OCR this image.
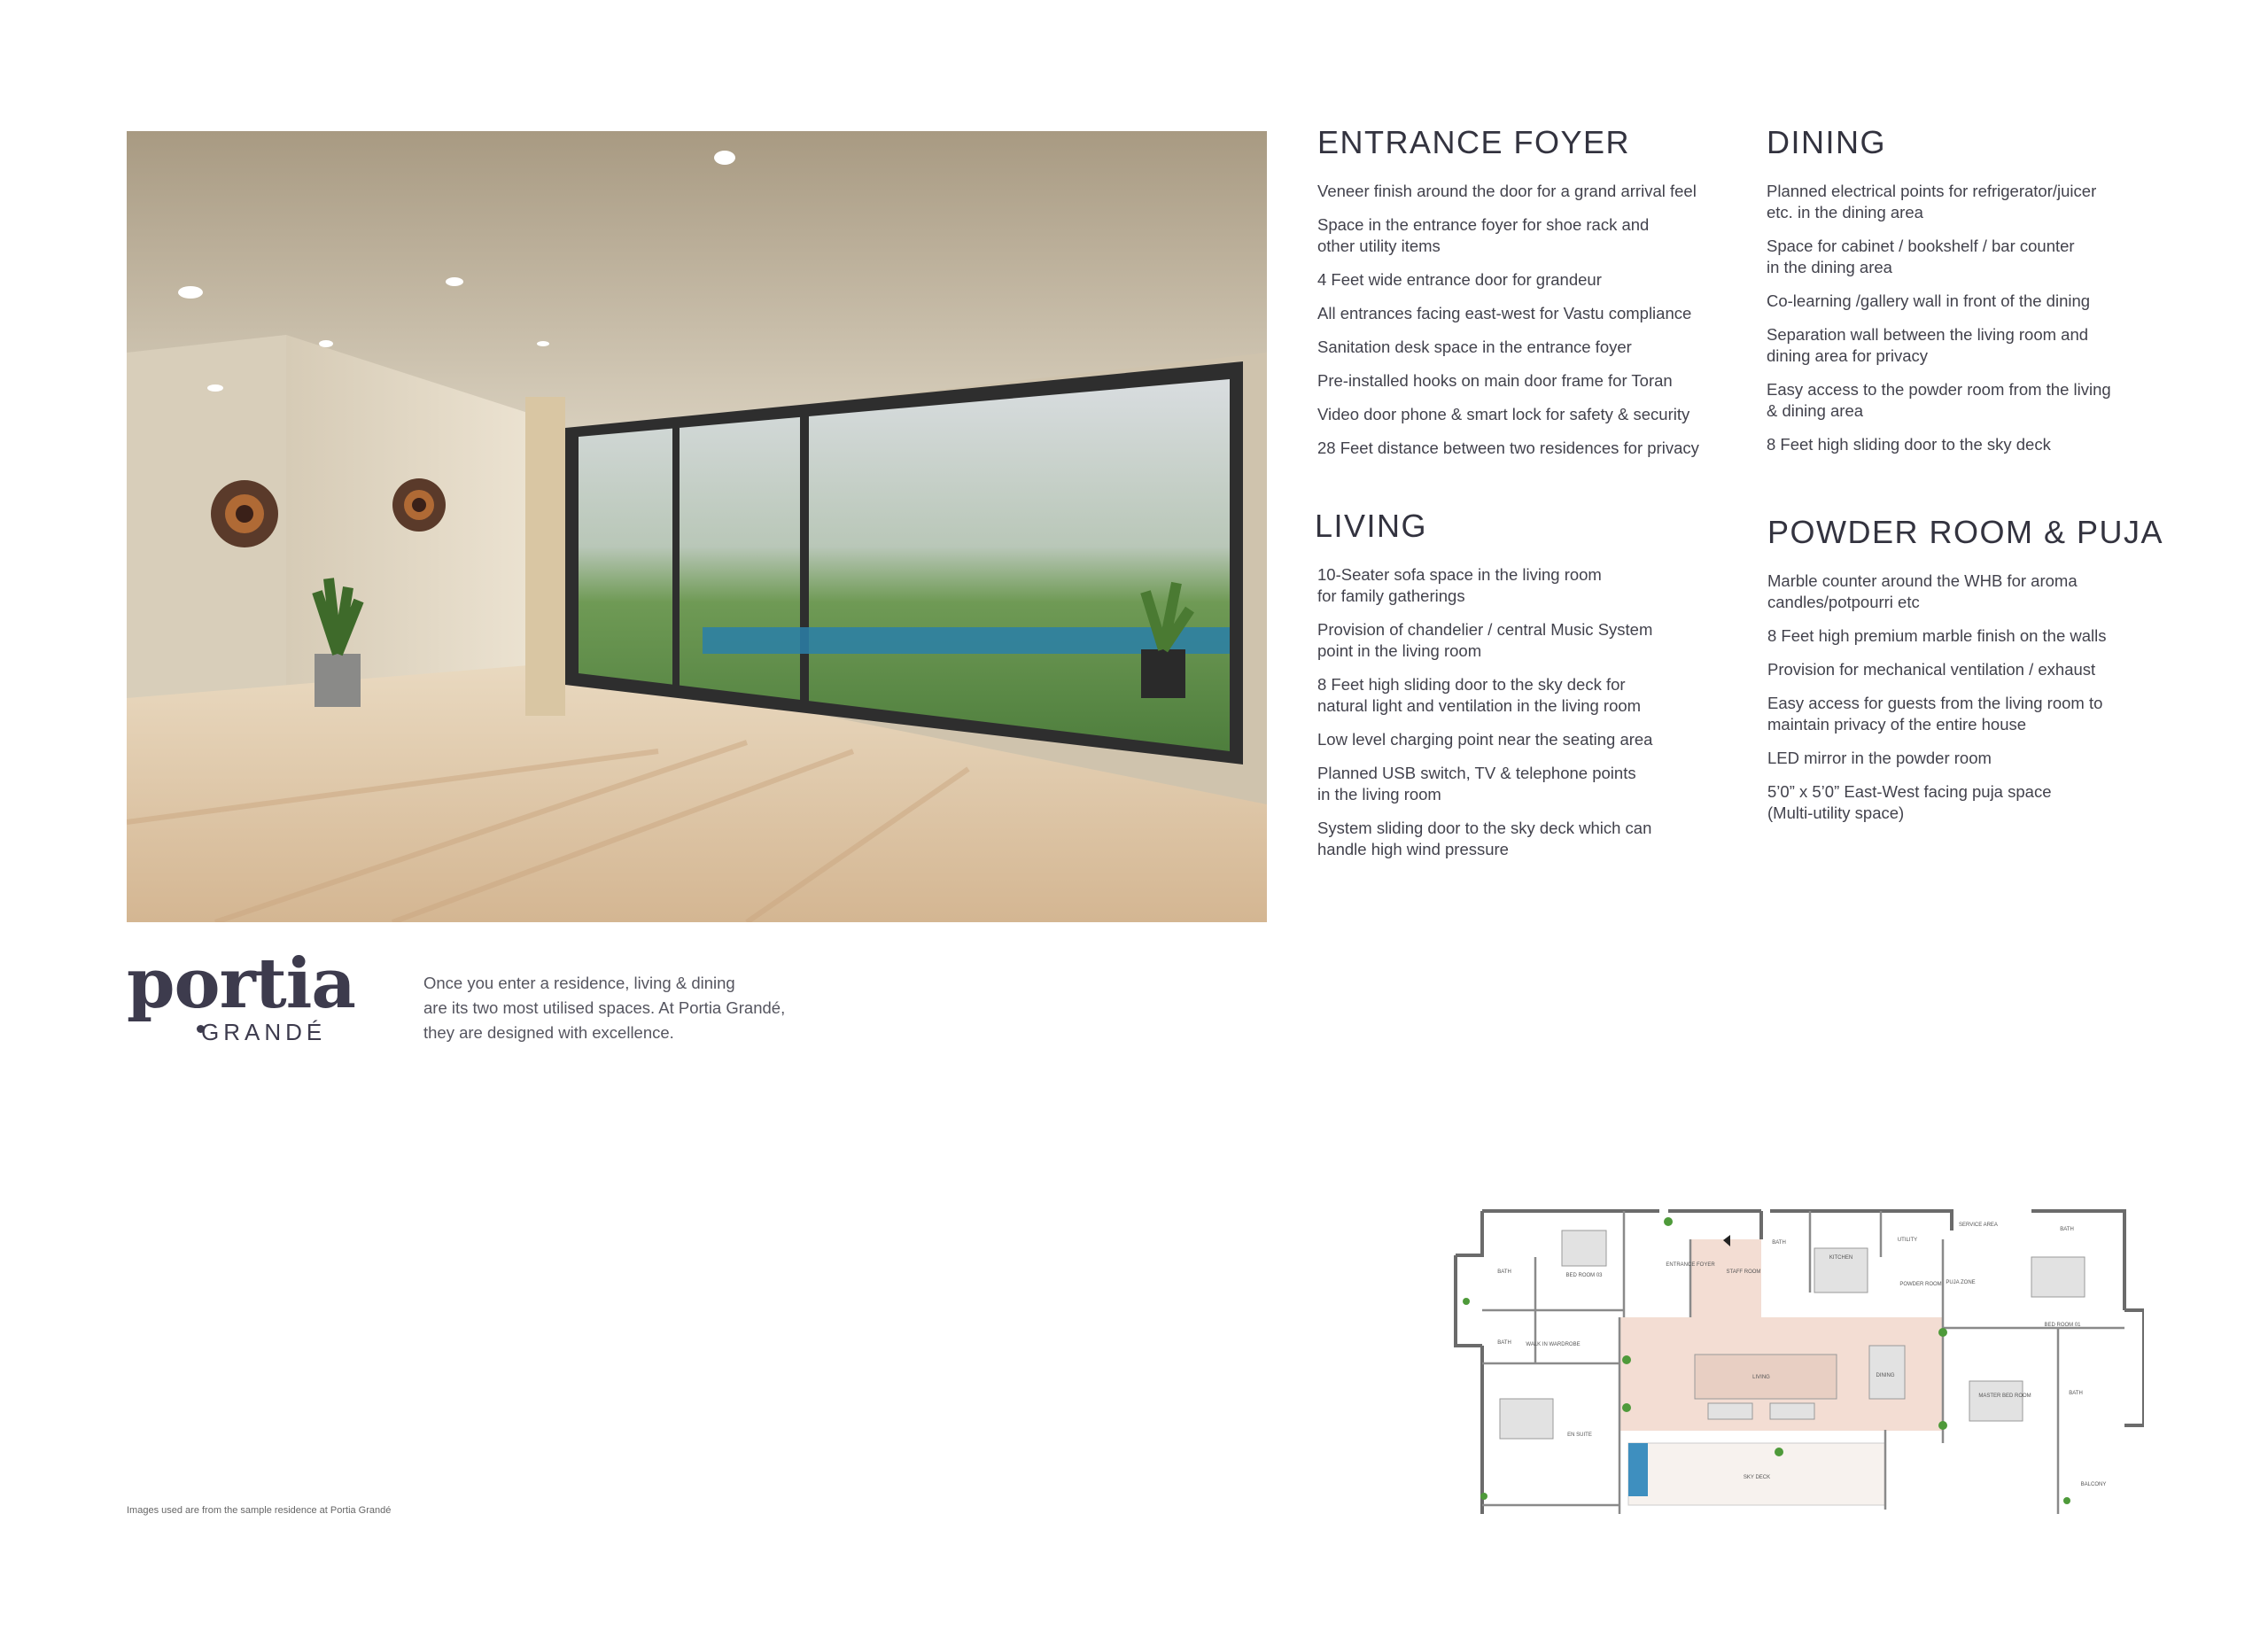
ENTRANCE FOYER
Veneer finish around the door for a grand arrival feel
Space in the entrance foyer for shoe rack and
other utility items
4 Feet wide entrance door for grandeur
All entrances facing east-west for Vastu compliance
Sanitation desk space in the entrance foyer
Pre-installed hooks on main door frame for Toran
Video door phone & smart lock for safety & security
28 Feet distance between two residences for privacy
DINING
Planned electrical points for refrigerator/juicer
etc. in the dining area
Space for cabinet / bookshelf / bar counter
in the dining area
Co-learning /gallery wall in front of the dining
Separation wall between the living room and
dining area for privacy
Easy access to the powder room from the living
& dining area
8 Feet high sliding door to the sky deck
LIVING
10-Seater sofa space in the living room
for family gatherings
Provision of chandelier / central Music System
point in the living room
8 Feet high sliding door to the sky deck for
natural light and ventilation in the living room
Low level charging point near the seating area
Planned USB switch, TV & telephone points
in the living room
System sliding door to the sky deck which can
handle high wind pressure
POWDER ROOM & PUJA
Marble counter around the WHB for aroma
candles/potpourri etc
8 Feet high premium marble finish on the walls
Provision for mechanical ventilation / exhaust
Easy access for guests from the living room to
maintain privacy of the entire house
LED mirror in the powder room
5’0” x 5’0” East-West facing puja space
(Multi-utility space)
portia
GRANDÉ
Once you enter a residence, living & dining
are its two most utilised spaces. At Portia Grandé,
they are designed with excellence.
Images used are from the sample residence at Portia Grandé
BED ROOM 03
BATH
WALK IN WARDROBE
BATH
EN SUITE
ENTRANCE FOYER
STAFF ROOM
BATH
KITCHEN
UTILITY
SERVICE AREA
BATH
POWDER ROOM PUJA ZONE
LIVING	DINING
BED ROOM 01
MASTER BED ROOM	BATH
SKY DECK
BALCONY
